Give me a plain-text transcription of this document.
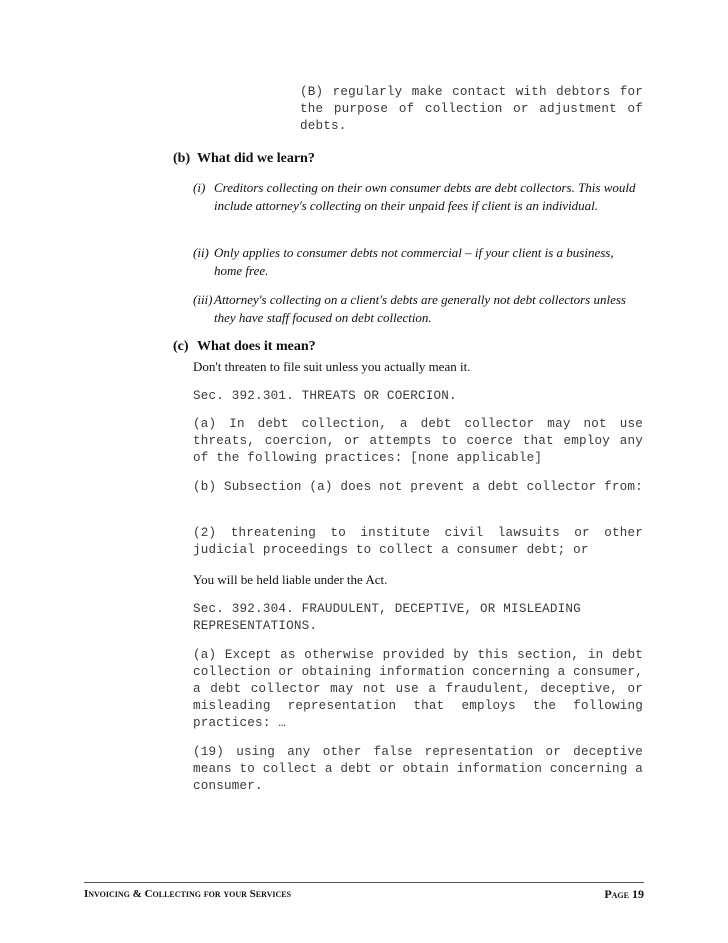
(B) regularly make contact with debtors for the purpose of collection or adjustment of debts.
(b) What did we learn?
(i) Creditors collecting on their own consumer debts are debt collectors. This would include attorney's collecting on their unpaid fees if client is an individual.
(ii) Only applies to consumer debts not commercial – if your client is a business, home free.
(iii) Attorney's collecting on a client's debts are generally not debt collectors unless they have staff focused on debt collection.
(c) What does it mean?
Don't threaten to file suit unless you actually mean it.
Sec. 392.301. THREATS OR COERCION.
(a) In debt collection, a debt collector may not use threats, coercion, or attempts to coerce that employ any of the following practices: [none applicable]
(b) Subsection (a) does not prevent a debt collector from:
(2) threatening to institute civil lawsuits or other judicial proceedings to collect a consumer debt; or
You will be held liable under the Act.
Sec. 392.304. FRAUDULENT, DECEPTIVE, OR MISLEADING REPRESENTATIONS.
(a) Except as otherwise provided by this section, in debt collection or obtaining information concerning a consumer, a debt collector may not use a fraudulent, deceptive, or misleading representation that employs the following practices: …
(19) using any other false representation or deceptive means to collect a debt or obtain information concerning a consumer.
Invoicing & Collecting for your Services	Page 19
